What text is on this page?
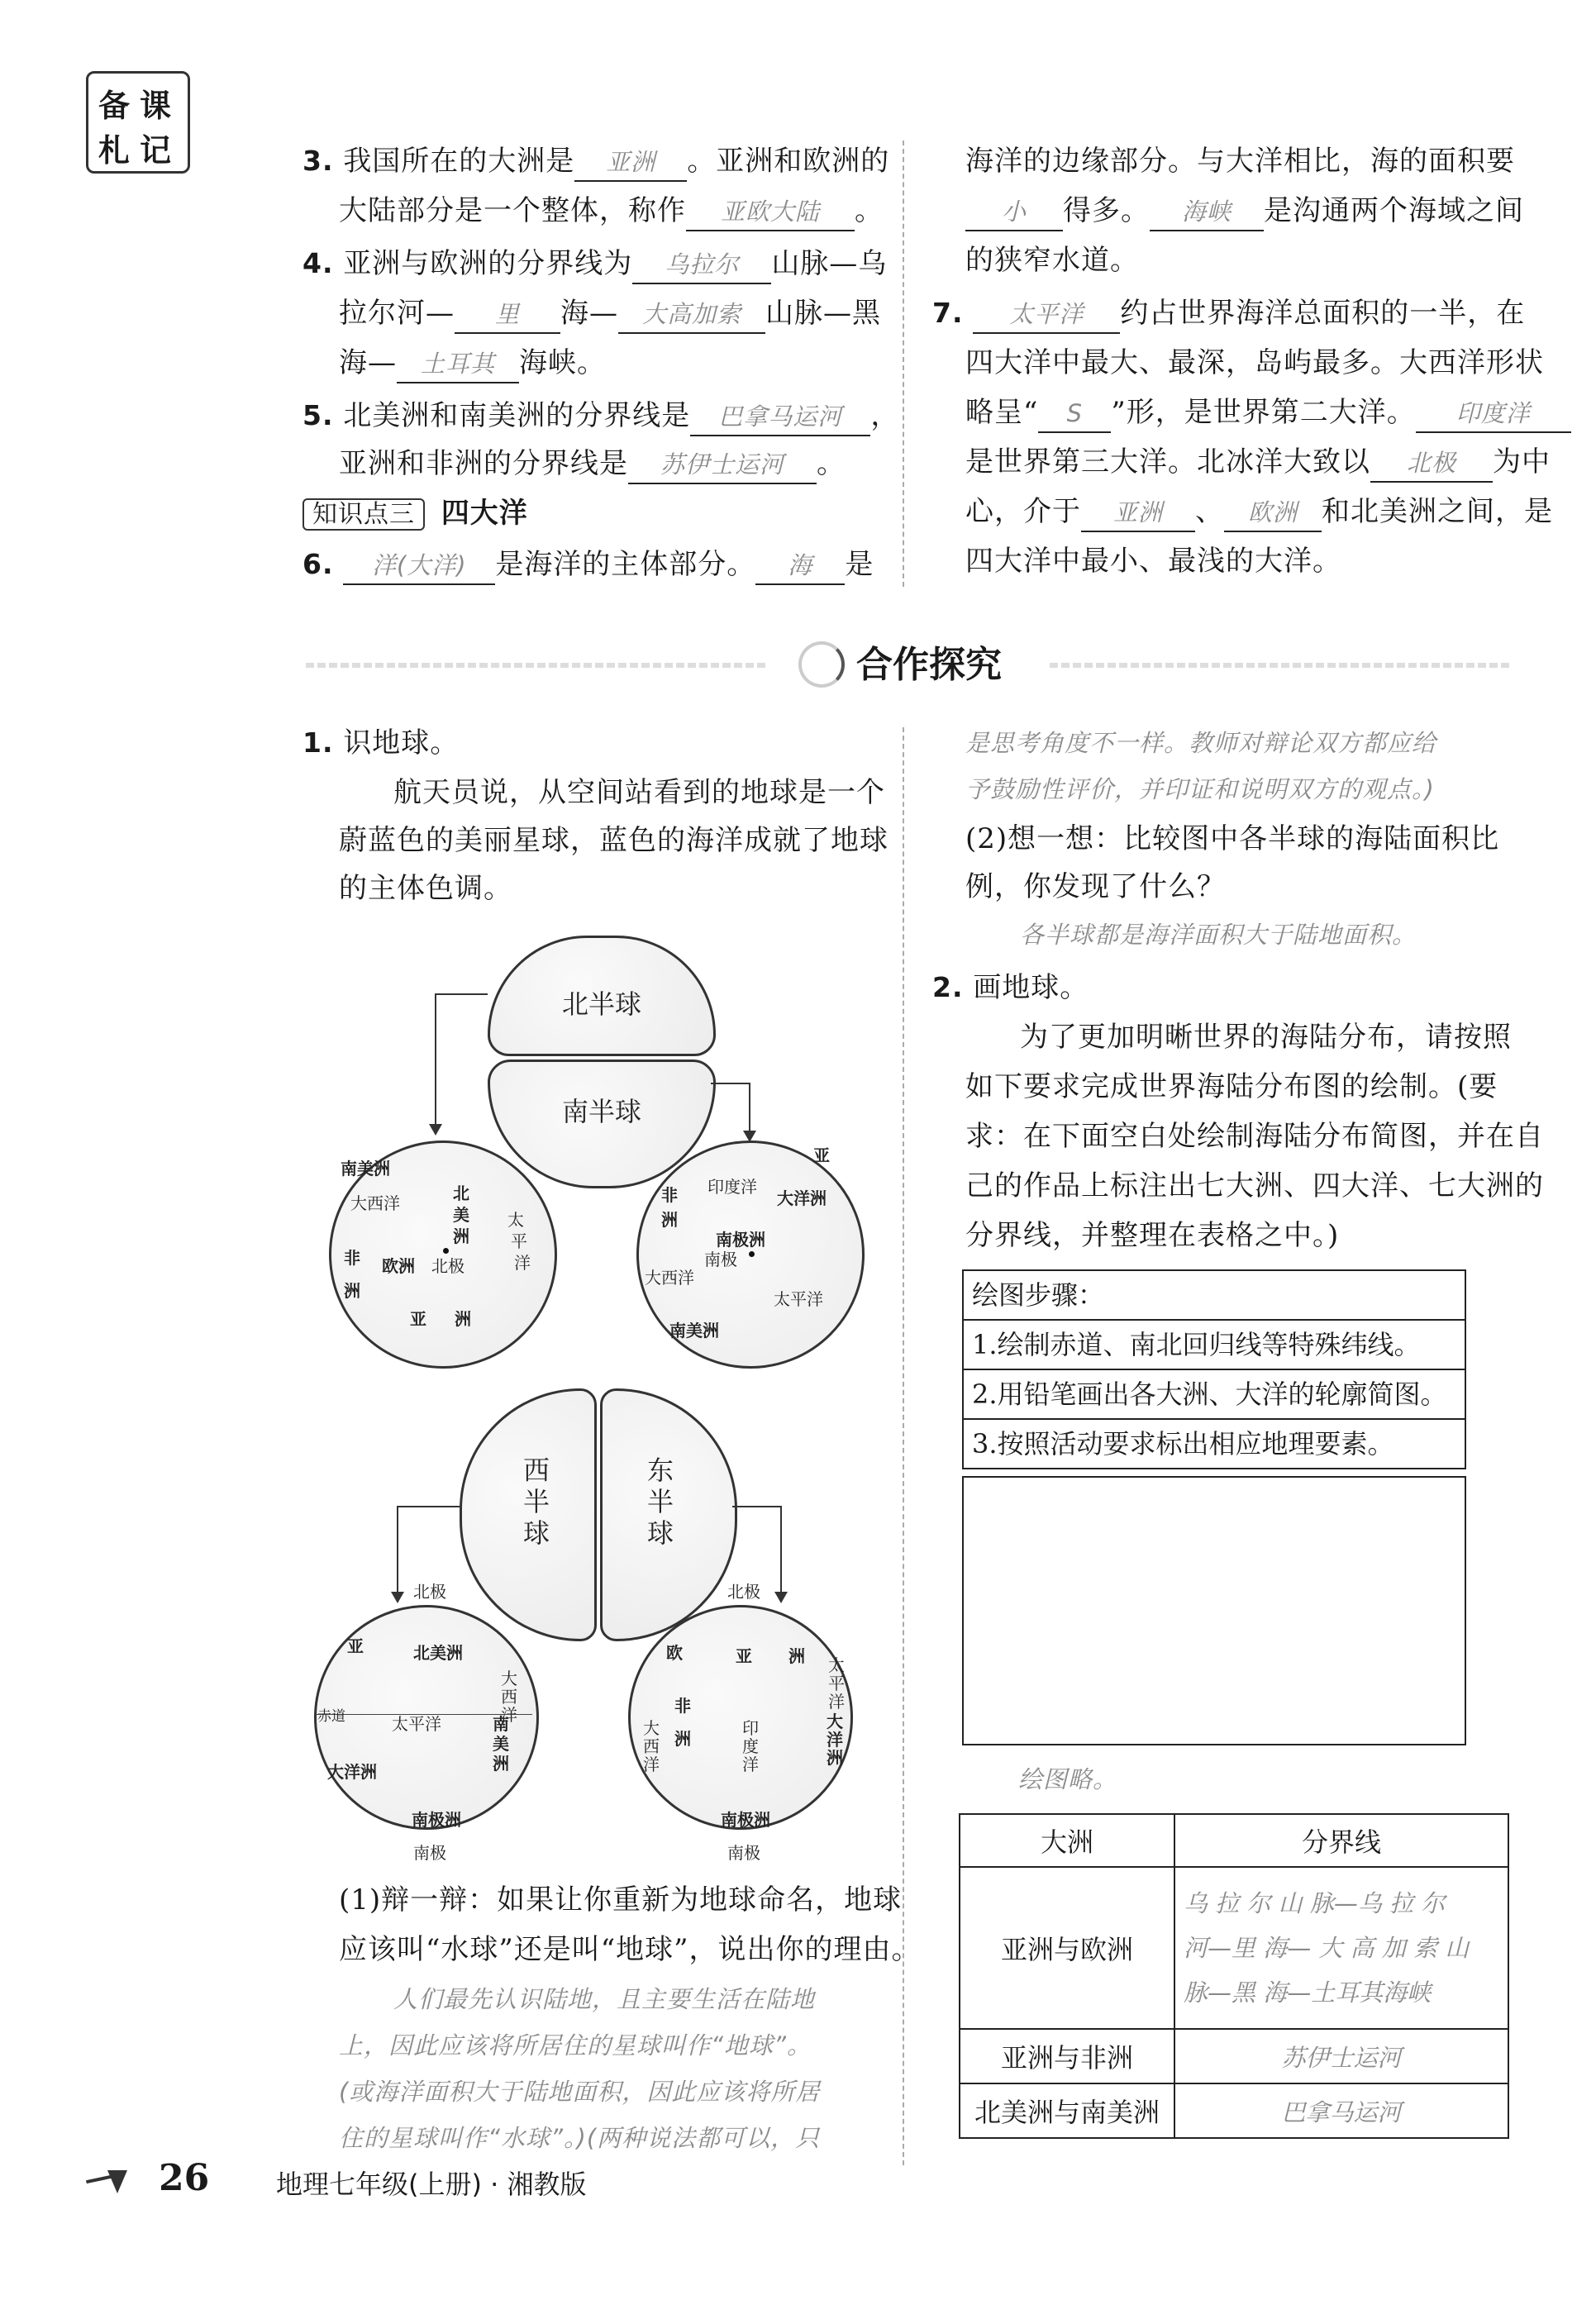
备 课
札 记	3. 我国所在的大洲是 亚洲 。亚洲和欧洲的
大陆部分是一个整体，称作 亚欧大陆 。
4. 亚洲与欧洲的分界线为 乌拉尔 山脉—乌
拉尔河— 里 海— 大高加索 山脉—黑
海— 土耳其 海峡。
5. 北美洲和南美洲的分界线是 巴拿马运河 ，
亚洲和非洲的分界线是 苏伊士运河 。
知识点三 四大洋
6. 洋(大洋) 是海洋的主体部分。 海 是
海洋的边缘部分。与大洋相比，海的面积要
小 得多。 海峡 是沟通两个海域之间
的狭窄水道。
7. 太平洋 约占世界海洋总面积的一半，在
四大洋中最大、最深，岛屿最多。大西洋形状
略呈“ S ”形，是世界第二大洋。 印度洋
是世界第三大洋。北冰洋大致以 北极 为中
心，介于 亚洲 、 欧洲 和北美洲之间，是
四大洋中最小、最浅的大洋。
合作探究
1. 识地球。
航天员说，从空间站看到的地球是一个
蔚蓝色的美丽星球，蓝色的海洋成就了地球
的主体色调。
北半球
南半球
南美洲
北
美
洲
大西洋
太
平
洋
非
洲
欧洲 北极
亚 洲
亚
印度洋
非
洲
大洋洲
南极洲
南极
大西洋
太平洋
南美洲
西半球	东半球
北极
亚	北美洲
大西洋
赤道	太平洋	南
美
洲
大洋洲
南极洲
南极
北极
欧	亚 洲
非
洲
大西洋
印度洋
太平洋
大洋洲
南极洲
南极
(1)辩一辩：如果让你重新为地球命名，地球
应该叫“水球”还是叫“地球”，说出你的理由。
人们最先认识陆地，且主要生活在陆地
上，因此应该将所居住的星球叫作“地球”。
(或海洋面积大于陆地面积，因此应该将所居
住的星球叫作“水球”。)(两种说法都可以，只
是思考角度不一样。教师对辩论双方都应给
予鼓励性评价，并印证和说明双方的观点。)
(2)想一想：比较图中各半球的海陆面积比
例，你发现了什么？
各半球都是海洋面积大于陆地面积。
2. 画地球。
为了更加明晰世界的海陆分布，请按照
如下要求完成世界海陆分布图的绘制。(要
求：在下面空白处绘制海陆分布简图，并在自
己的作品上标注出七大洲、四大洋、七大洲的
分界线，并整理在表格之中。)
绘图步骤：
1.绘制赤道、南北回归线等特殊纬线。
2.用铅笔画出各大洲、大洋的轮廓简图。
3.按照活动要求标出相应地理要素。
绘图略。
大洲	分界线
亚洲与欧洲	乌 拉 尔 山 脉—乌 拉 尔
河—里 海— 大 高 加 索 山
脉—黑 海—土耳其海峡

亚洲与非洲	苏伊士运河
北美洲与南美洲	巴拿马运河
26	地理七年级(上册) · 湘教版
